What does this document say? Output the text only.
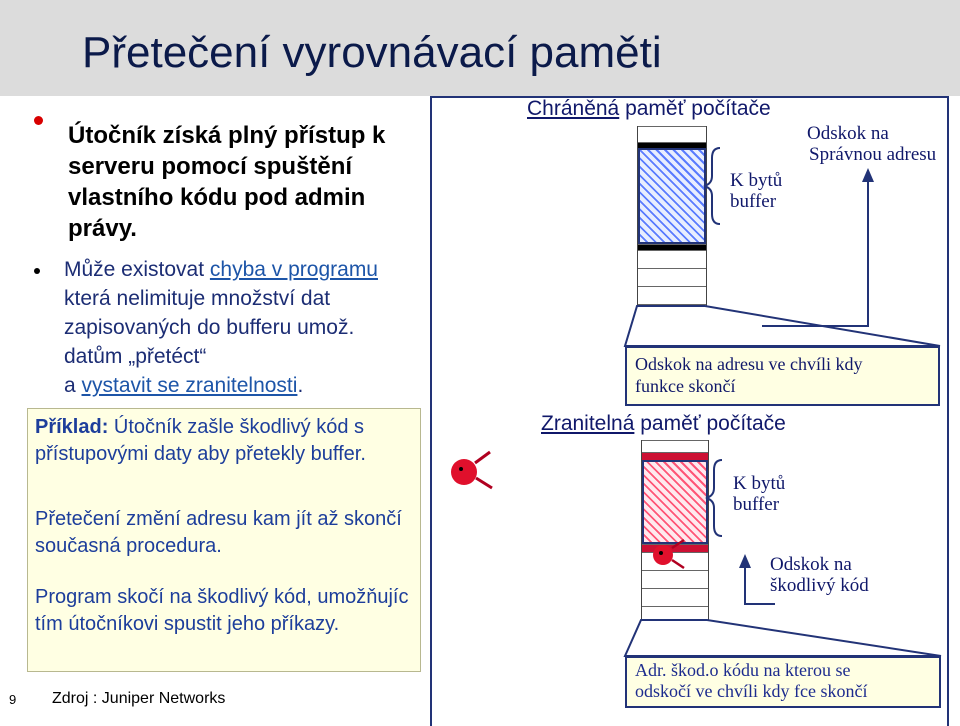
Přetečení vyrovnávací paměti
Útočník získá plný přístup k serveru pomocí spuštění vlastního kódu pod admin právy.
Může existovat chyba v programu která nelimituje množství dat zapisovaných do bufferu umož. datům „přetéct“
a vystavit se zranitelnosti.
Příklad: Útočník zašle škodlivý kód s přístupovými daty aby přetekly buffer.
Přetečení změní adresu kam jít až skončí současná procedura.
Program skočí na škodlivý kód, umožňujíc tím útočníkovi spustit jeho příkazy.
9 Zdroj : Juniper Networks
Chráněná paměť počítače
Odskok na
Správnou adresu
K bytů
buffer
Odskok na adresu ve chvíli kdy
funkce skončí
Zranitelná paměť počítače
K bytů
buffer
Odskok na
škodlivý kód
Adr. škod.o kódu na kterou se
odskočí ve chvíli kdy fce skončí
